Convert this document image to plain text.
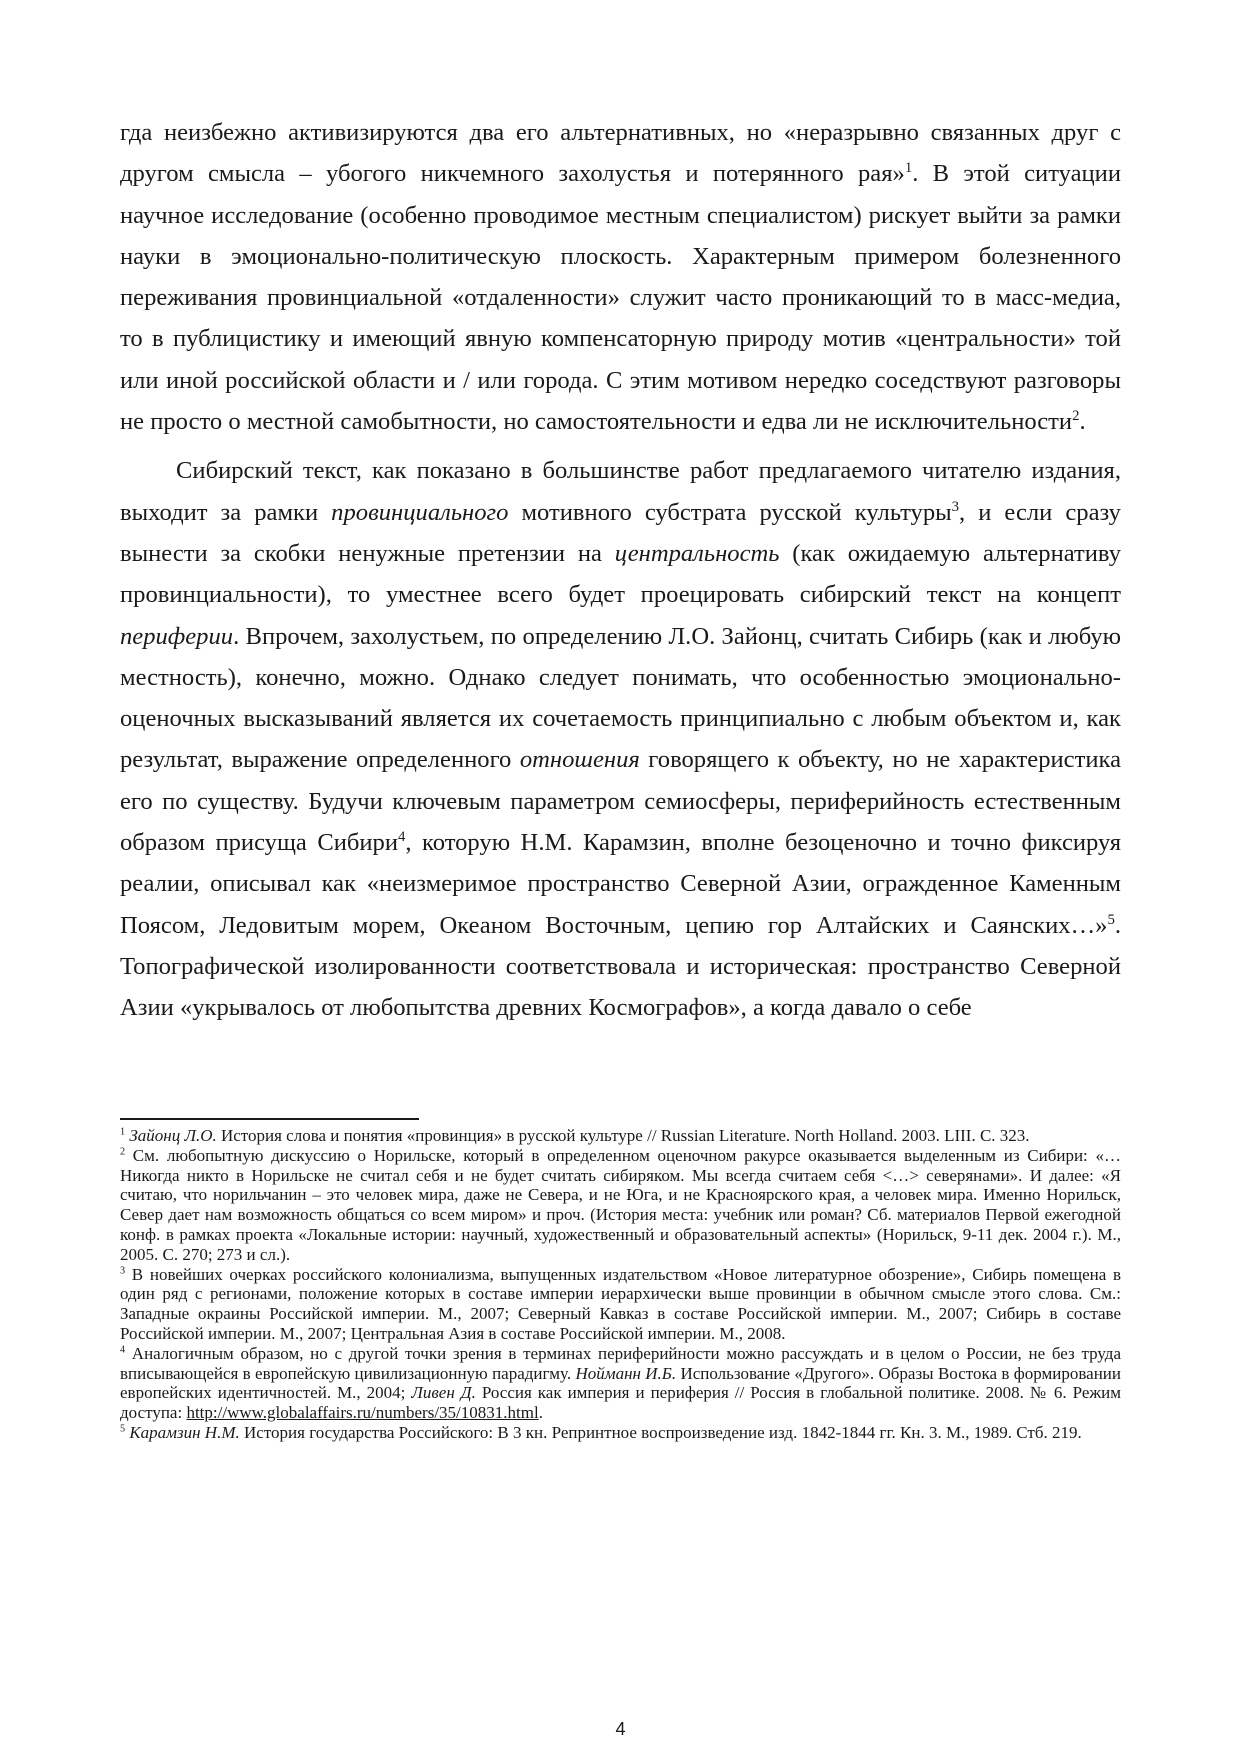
гда неизбежно активизируются два его альтернативных, но «неразрывно связанных друг с другом смысла – убогого никчемного захолустья и потерянного рая»$^1$. В этой ситуации научное исследование (особенно проводимое местным специалистом) рискует выйти за рамки науки в эмоционально-политическую плоскость. Характерным примером болезненного переживания провинциальной «отдаленности» служит часто проникающий то в масс-медиа, то в публицистику и имеющий явную компенсаторную природу мотив «центральности» той или иной российской области и / или города. С этим мотивом нередко соседствуют разговоры не просто о местной самобытности, но самостоятельности и едва ли не исключительности$^2$.

Сибирский текст, как показано в большинстве работ предлагаемого читателю издания, выходит за рамки провинциального мотивного субстрата русской культуры$^3$, и если сразу вынести за скобки ненужные претензии на центральность (как ожидаемую альтернативу провинциальности), то уместнее всего будет проецировать сибирский текст на концепт периферии. Впрочем, захолустьем, по определению Л.О. Зайонц, считать Сибирь (как и любую местность), конечно, можно. Однако следует понимать, что особенностью эмоционально-оценочных высказываний является их сочетаемость принципиально с любым объектом и, как результат, выражение определенного отношения говорящего к объекту, но не характеристика его по существу. Будучи ключевым параметром семиосферы, периферийность естественным образом присуща Сибири$^4$, которую Н.М. Карамзин, вполне безоценочно и точно фиксируя реалии, описывал как «неизмеримое пространство Северной Азии, огражденное Каменным Поясом, Ледовитым морем, Океаном Восточным, цепию гор Алтайских и Саянских…»$^5$. Топографической изолированности соответствовала и историческая: пространство Северной Азии «укрывалось от любопытства древних Космографов», а когда давало о себе

$^1$ Зайонц Л.О. История слова и понятия «провинция» в русской культуре // Russian Literature. North Holland. 2003. LIII. С. 323.

$^2$ См. любопытную дискуссию о Норильске, который в определенном оценочном ракурсе оказывается выделенным из Сибири: «…Никогда никто в Норильске не считал себя и не будет считать сибиряком. Мы всегда считаем себя <…> северянами». И далее: «Я считаю, что норильчанин – это человек мира, даже не Севера, и не Юга, и не Красноярского края, а человек мира. Именно Норильск, Север дает нам возможность общаться со всем миром» и проч. (История места: учебник или роман? Сб. материалов Первой ежегодной конф. в рамках проекта «Локальные истории: научный, художественный и образовательный аспекты» (Норильск, 9-11 дек. 2004 г.). М., 2005. С. 270; 273 и сл.).

$^3$ В новейших очерках российского колониализма, выпущенных издательством «Новое литературное обозрение», Сибирь помещена в один ряд с регионами, положение которых в составе империи иерархически выше провинции в обычном смысле этого слова. См.: Западные окраины Российской империи. М., 2007; Северный Кавказ в составе Российской империи. М., 2007; Сибирь в составе Российской империи. М., 2007; Центральная Азия в составе Российской империи. М., 2008.

$^4$ Аналогичным образом, но с другой точки зрения в терминах периферийности можно рассуждать и в целом о России, не без труда вписывающейся в европейскую цивилизационную парадигму. Нойманн И.Б. Использование «Другого». Образы Востока в формировании европейских идентичностей. М., 2004; Ливен Д. Россия как империя и периферия // Россия в глобальной политике. 2008. № 6. Режим доступа: http://www.globalaffairs.ru/numbers/35/10831.html.

$^5$ Карамзин Н.М. История государства Российского: В 3 кн. Репринтное воспроизведение изд. 1842-1844 гг. Кн. 3. М., 1989. Стб. 219.

4
